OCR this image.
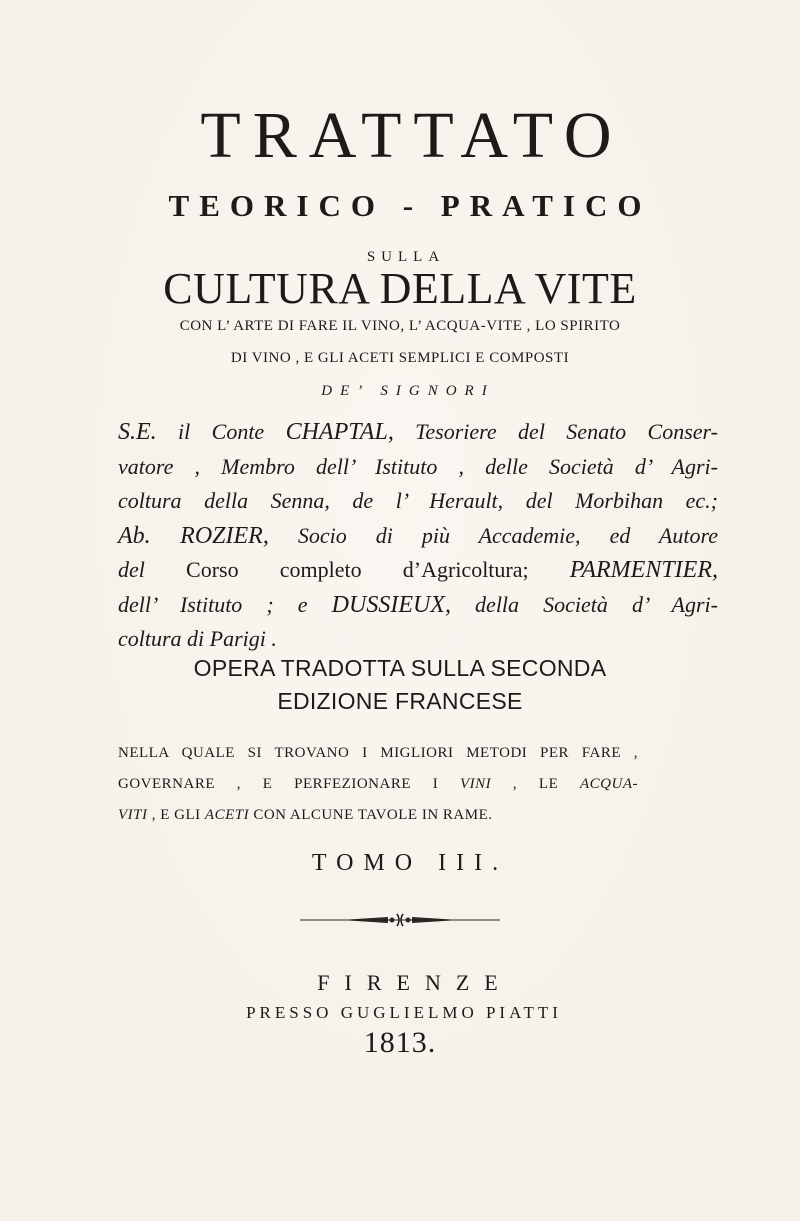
TRATTATO
TEORICO - PRATICO
SULLA
CULTURA DELLA VITE
CON L’ ARTE DI FARE IL VINO, L’ ACQUA-VITE , LO SPIRITO
DI VINO , E GLI ACETI SEMPLICI E COMPOSTI
DE’ SIGNORI
S.E. il Conte CHAPTAL, Tesoriere del Senato Conser-
vatore , Membro dell’ Istituto , delle Società d’ Agri-
coltura della Senna, de l’ Herault, del Morbihan ec.;
Ab. ROZIER, Socio di più Accademie, ed Autore
del Corso completo d’Agricoltura; PARMENTIER,
dell’ Istituto ; e DUSSIEUX, della Società d’ Agri-
coltura di Parigi .
OPERA TRADOTTA SULLA SECONDA
EDIZIONE FRANCESE
NELLA QUALE SI TROVANO I MIGLIORI METODI PER FARE ,
GOVERNARE , E PERFEZIONARE I VINI , LE ACQUA-
VITI , E GLI ACETI CON ALCUNE TAVOLE IN RAME.
TOMO III.
FIRENZE
PRESSO GUGLIELMO PIATTI
1813.
